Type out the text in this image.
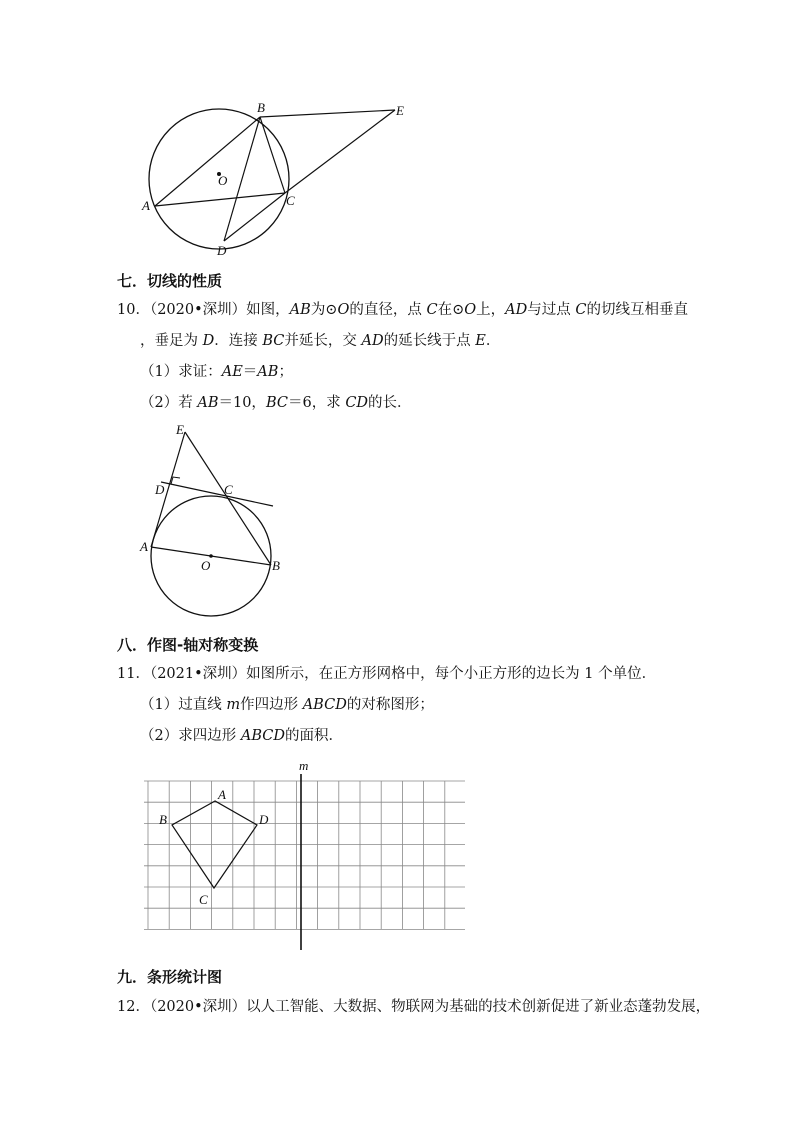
B	E
O
A	C
D
七．切线的性质
10．（2020•深圳）如图，AB为⊙O的直径，点 C在⊙O上，AD与过点 C的切线互相垂直
，垂足为 D．连接 BC并延长，交 AD的延长线于点 E．
（1）求证：AE＝AB；
（2）若 AB＝10，BC＝6，求 CD的长．
E
D	C
A
O	B
八．作图-轴对称变换
11．（2021•深圳）如图所示，在正方形网格中，每个小正方形的边长为 1 个单位．
（1）过直线 m作四边形 ABCD的对称图形；
（2）求四边形 ABCD的面积．
m
A
B	D
C
九．条形统计图
12．（2020•深圳）以人工智能、大数据、物联网为基础的技术创新促进了新业态蓬勃发展，
